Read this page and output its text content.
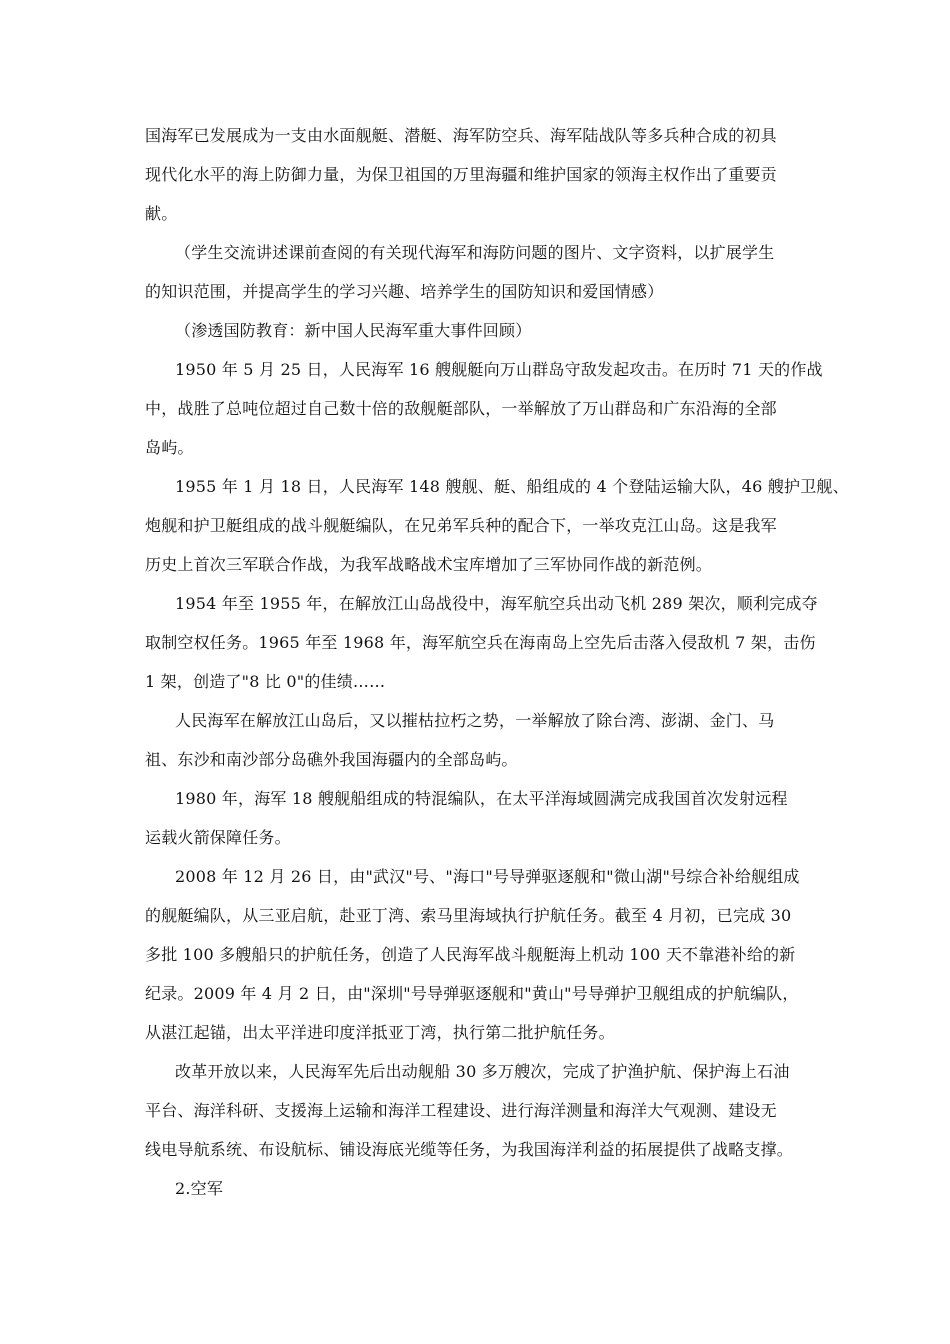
国海军已发展成为一支由水面舰艇、潜艇、海军防空兵、海军陆战队等多兵种合成的初具
现代化水平的海上防御力量，为保卫祖国的万里海疆和维护国家的领海主权作出了重要贡
献。
（学生交流讲述课前查阅的有关现代海军和海防问题的图片、文字资料，以扩展学生
的知识范围，并提高学生的学习兴趣、培养学生的国防知识和爱国情感）
（渗透国防教育：新中国人民海军重大事件回顾）
1950 年 5 月 25 日，人民海军 16 艘舰艇向万山群岛守敌发起攻击。在历时 71 天的作战
中，战胜了总吨位超过自己数十倍的敌舰艇部队，一举解放了万山群岛和广东沿海的全部
岛屿。
1955 年 1 月 18 日，人民海军 148 艘舰、艇、船组成的 4 个登陆运输大队，46 艘护卫舰、
炮舰和护卫艇组成的战斗舰艇编队，在兄弟军兵种的配合下，一举攻克江山岛。这是我军
历史上首次三军联合作战，为我军战略战术宝库增加了三军协同作战的新范例。
1954 年至 1955 年，在解放江山岛战役中，海军航空兵出动飞机 289 架次，顺利完成夺
取制空权任务。1965 年至 1968 年，海军航空兵在海南岛上空先后击落入侵敌机 7 架，击伤
1 架，创造了"8 比 0"的佳绩……
人民海军在解放江山岛后，又以摧枯拉朽之势，一举解放了除台湾、澎湖、金门、马
祖、东沙和南沙部分岛礁外我国海疆内的全部岛屿。
1980 年，海军 18 艘舰船组成的特混编队，在太平洋海域圆满完成我国首次发射远程
运载火箭保障任务。
2008 年 12 月 26 日，由"武汉"号、"海口"号导弹驱逐舰和"微山湖"号综合补给舰组成
的舰艇编队，从三亚启航，赴亚丁湾、索马里海域执行护航任务。截至 4 月初，已完成 30
多批 100 多艘船只的护航任务，创造了人民海军战斗舰艇海上机动 100 天不靠港补给的新
纪录。2009 年 4 月 2 日，由"深圳"号导弹驱逐舰和"黄山"号导弹护卫舰组成的护航编队，
从湛江起锚，出太平洋进印度洋抵亚丁湾，执行第二批护航任务。
改革开放以来，人民海军先后出动舰船 30 多万艘次，完成了护渔护航、保护海上石油
平台、海洋科研、支援海上运输和海洋工程建设、进行海洋测量和海洋大气观测、建设无
线电导航系统、布设航标、铺设海底光缆等任务，为我国海洋利益的拓展提供了战略支撑。
2.空军
